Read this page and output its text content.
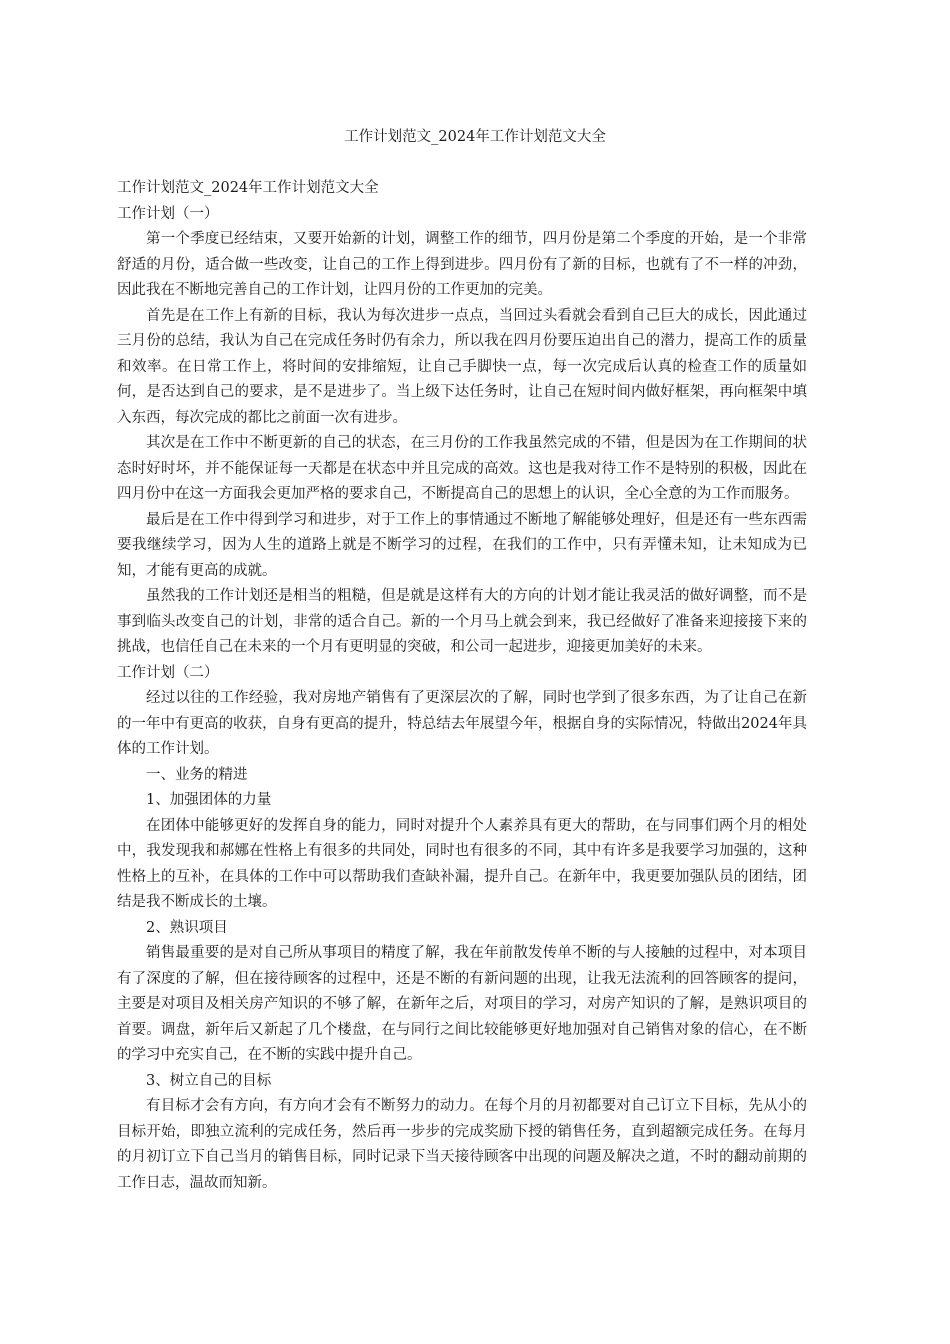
工作计划范文_2024年工作计划范文大全
工作计划范文_2024年工作计划范文大全
工作计划（一）

第一个季度已经结束，又要开始新的计划，调整工作的细节，四月份是第二个季度的开始，是一个非常舒适的月份，适合做一些改变，让自己的工作上得到进步。四月份有了新的目标，也就有了不一样的冲劲，因此我在不断地完善自己的工作计划，让四月份的工作更加的完美。

首先是在工作上有新的目标，我认为每次进步一点点，当回过头看就会看到自己巨大的成长，因此通过三月份的总结，我认为自己在完成任务时仍有余力，所以我在四月份要压迫出自己的潜力，提高工作的质量和效率。在日常工作上，将时间的安排缩短，让自己手脚快一点，每一次完成后认真的检查工作的质量如何，是否达到自己的要求，是不是进步了。当上级下达任务时，让自己在短时间内做好框架，再向框架中填入东西，每次完成的都比之前面一次有进步。

其次是在工作中不断更新的自己的状态，在三月份的工作我虽然完成的不错，但是因为在工作期间的状态时好时坏，并不能保证每一天都是在状态中并且完成的高效。这也是我对待工作不是特别的积极，因此在四月份中在这一方面我会更加严格的要求自己，不断提高自己的思想上的认识，全心全意的为工作而服务。

最后是在工作中得到学习和进步，对于工作上的事情通过不断地了解能够处理好，但是还有一些东西需要我继续学习，因为人生的道路上就是不断学习的过程，在我们的工作中，只有弄懂未知，让未知成为已知，才能有更高的成就。

虽然我的工作计划还是相当的粗糙，但是就是这样有大的方向的计划才能让我灵活的做好调整，而不是事到临头改变自己的计划，非常的适合自己。新的一个月马上就会到来，我已经做好了准备来迎接接下来的挑战，也信任自己在未来的一个月有更明显的突破，和公司一起进步，迎接更加美好的未来。

工作计划（二）

经过以往的工作经验，我对房地产销售有了更深层次的了解，同时也学到了很多东西，为了让自己在新的一年中有更高的收获，自身有更高的提升，特总结去年展望今年，根据自身的实际情况，特做出2024年具体的工作计划。

一、业务的精进
1、加强团体的力量

在团体中能够更好的发挥自身的能力，同时对提升个人素养具有更大的帮助，在与同事们两个月的相处中，我发现我和郝娜在性格上有很多的共同处，同时也有很多的不同，其中有许多是我要学习加强的，这种性格上的互补，在具体的工作中可以帮助我们查缺补漏，提升自己。在新年中，我更要加强队员的团结，团结是我不断成长的土壤。

2、熟识项目

销售最重要的是对自己所从事项目的精度了解，我在年前散发传单不断的与人接触的过程中，对本项目有了深度的了解，但在接待顾客的过程中，还是不断的有新问题的出现，让我无法流利的回答顾客的提问，主要是对项目及相关房产知识的不够了解，在新年之后，对项目的学习，对房产知识的了解，是熟识项目的首要。调盘，新年后又新起了几个楼盘，在与同行之间比较能够更好地加强对自己销售对象的信心，在不断的学习中充实自己，在不断的实践中提升自己。

3、树立自己的目标

有目标才会有方向，有方向才会有不断努力的动力。在每个月的月初都要对自己订立下目标，先从小的目标开始，即独立流利的完成任务，然后再一步步的完成奖励下授的销售任务，直到超额完成任务。在每月的月初订立下自己当月的销售目标，同时记录下当天接待顾客中出现的问题及解决之道，不时的翻动前期的工作日志，温故而知新。
